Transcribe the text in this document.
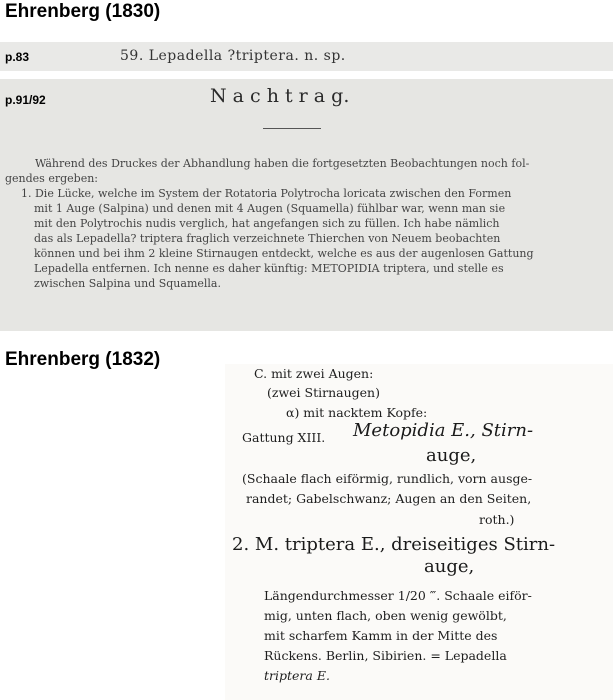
Ehrenberg (1830)
p.83	59. Lepadella ?triptera. n. sp.
p.91/92	N a c h t r a g.
Während des Druckes der Abhandlung haben die fortgesetzten Beobachtungen noch fol-
gendes ergeben:
1. Die Lücke, welche im System der Rotatoria Polytrocha loricata zwischen den Formen
mit 1 Auge (Salpina) und denen mit 4 Augen (Squamella) fühlbar war, wenn man sie
mit den Polytrochis nudis verglich, hat angefangen sich zu füllen. Ich habe nämlich
das als Lepadella? triptera fraglich verzeichnete Thierchen von Neuem beobachten
können und bei ihm 2 kleine Stirnaugen entdeckt, welche es aus der augenlosen Gattung
Lepadella entfernen. Ich nenne es daher künftig: METOPIDIA triptera, und stelle es
zwischen Salpina und Squamella.
Ehrenberg (1832)
C. mit zwei Augen:
(zwei Stirnaugen)
α) mit nacktem Kopfe:
Gattung XIII. Metopidia E., Stirn-
auge,
(Schaale flach eiförmig, rundlich, vorn ausge-
randet; Gabelschwanz; Augen an den Seiten,
roth.)
2. M. triptera E., dreiseitiges Stirn-
auge,
Längendurchmesser 1/20 ‴. Schaale eiför-
mig, unten flach, oben wenig gewölbt,
mit scharfem Kamm in der Mitte des
Rückens. Berlin, Sibirien. = Lepadella
triptera E.
